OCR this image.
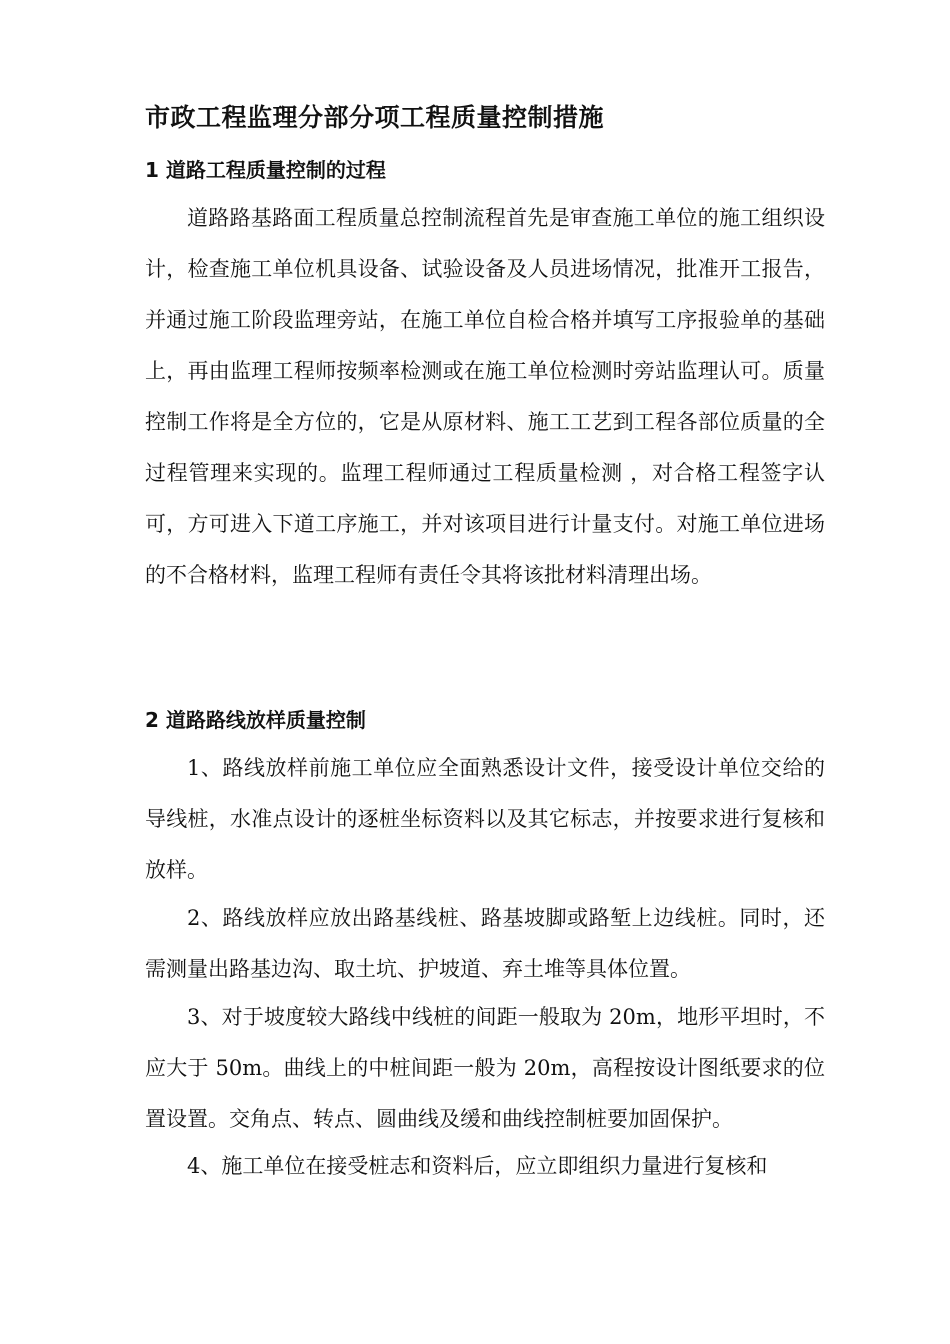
市政工程监理分部分项工程质量控制措施
1 道路工程质量控制的过程

道路路基路面工程质量总控制流程首先是审查施工单位的施工组织设计，检查施工单位机具设备、试验设备及人员进场情况，批准开工报告，并通过施工阶段监理旁站，在施工单位自检合格并填写工序报验单的基础上，再由监理工程师按频率检测或在施工单位检测时旁站监理认可。质量控制工作将是全方位的，它是从原材料、施工工艺到工程各部位质量的全过程管理来实现的。监理工程师通过工程质量检测 ，对合格工程签字认可，方可进入下道工序施工，并对该项目进行计量支付。对施工单位进场的不合格材料，监理工程师有责任令其将该批材料清理出场。

2 道路路线放样质量控制

1、路线放样前施工单位应全面熟悉设计文件，接受设计单位交给的导线桩，水准点设计的逐桩坐标资料以及其它标志，并按要求进行复核和放样。

2、路线放样应放出路基线桩、路基坡脚或路堑上边线桩。同时，还需测量出路基边沟、取土坑、护坡道、弃土堆等具体位置。

3、对于坡度较大路线中线桩的间距一般取为 20m，地形平坦时，不应大于 50m。曲线上的中桩间距一般为 20m，高程按设计图纸要求的位置设置。交角点、转点、圆曲线及缓和曲线控制桩要加固保护。

4、施工单位在接受桩志和资料后，应立即组织力量进行复核和
